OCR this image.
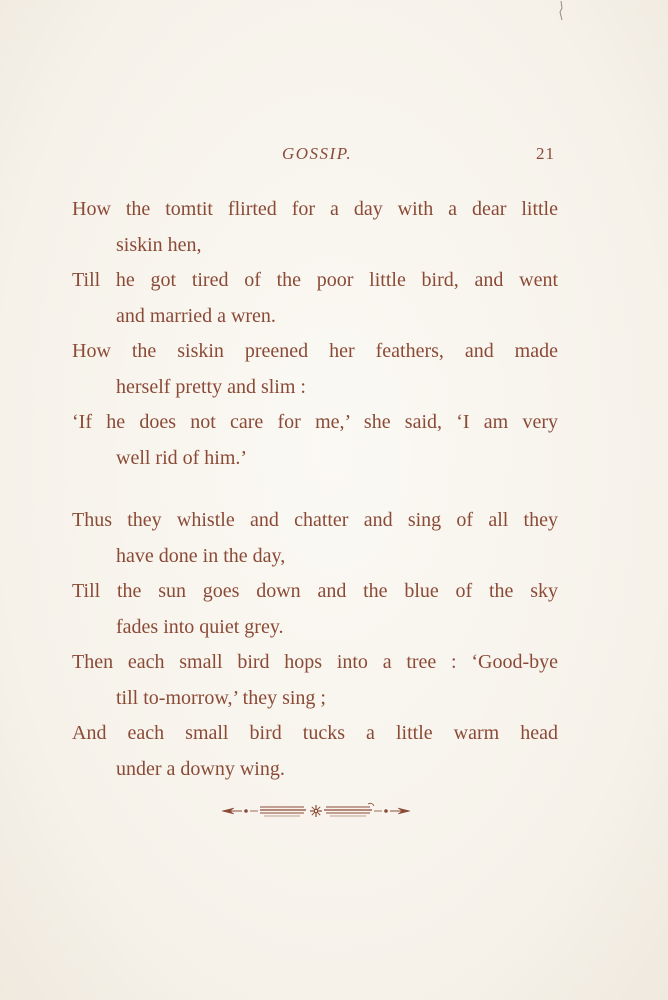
GOSSIP.	21
How the tomtit flirted for a day with a dear little
siskin hen,
Till he got tired of the poor little bird, and went
and married a wren.
How the siskin preened her feathers, and made
herself pretty and slim :
‘If he does not care for me,’ she said, ‘I am very
well rid of him.’
Thus they whistle and chatter and sing of all they
have done in the day,
Till the sun goes down and the blue of the sky
fades into quiet grey.
Then each small bird hops into a tree : ‘Good-bye
till to-morrow,’ they sing ;
And each small bird tucks a little warm head
under a downy wing.
